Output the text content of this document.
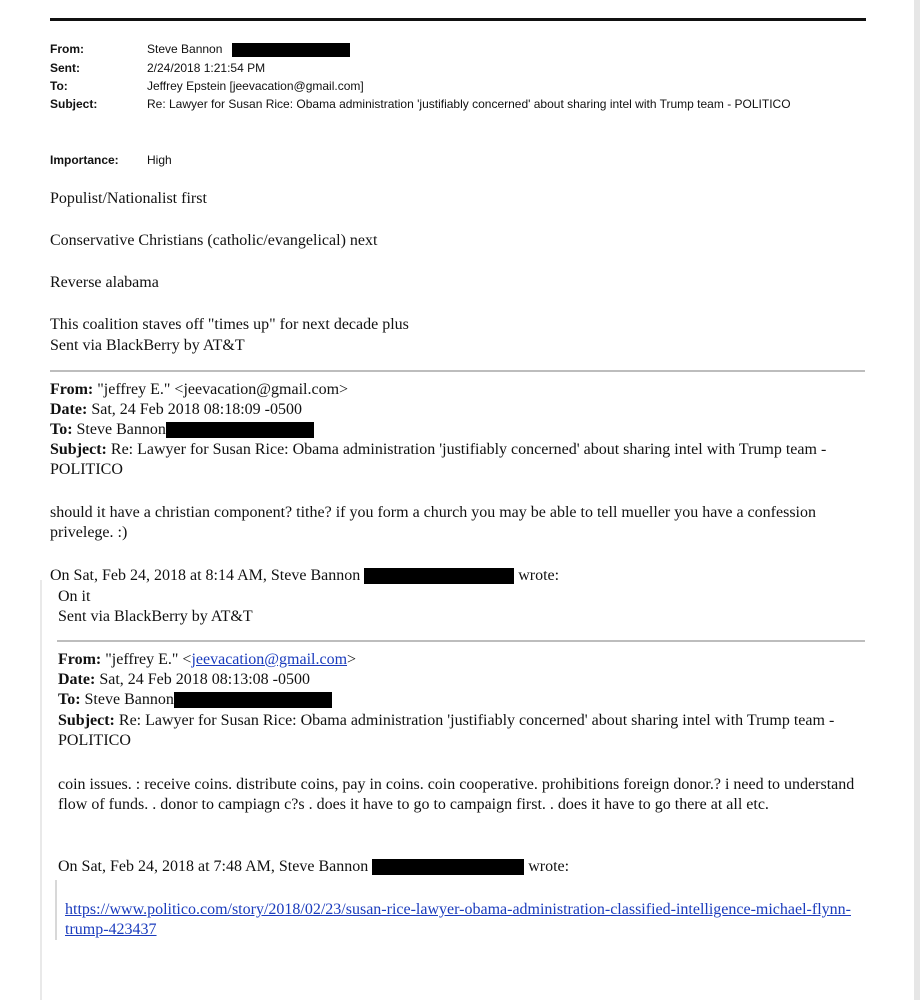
From:	Steve Bannon
Sent:	2/24/2018 1:21:54 PM
To:	Jeffrey Epstein [jeevacation@gmail.com]
Subject:	Re: Lawyer for Susan Rice: Obama administration 'justifiably concerned' about sharing intel with Trump team - POLITICO
Importance: High
Populist/Nationalist first
Conservative Christians (catholic/evangelical) next
Reverse alabama
This coalition staves off "times up" for next decade plus
Sent via BlackBerry by AT&T
From: "jeffrey E." <jeevacation@gmail.com>
Date: Sat, 24 Feb 2018 08:18:09 -0500
To: Steve Bannon
Subject: Re: Lawyer for Susan Rice: Obama administration 'justifiably concerned' about sharing intel with Trump team - POLITICO
should it have a christian component? tithe? if you form a church you may be able to tell mueller you have a confession privelege. :)
On Sat, Feb 24, 2018 at 8:14 AM, Steve Bannon	wrote:
On it
Sent via BlackBerry by AT&T
From: "jeffrey E." <jeevacation@gmail.com>
Date: Sat, 24 Feb 2018 08:13:08 -0500
To: Steve Bannon
Subject: Re: Lawyer for Susan Rice: Obama administration 'justifiably concerned' about sharing intel with Trump team - POLITICO
coin issues. : receive coins. distribute coins, pay in coins. coin cooperative. prohibitions foreign donor.? i need to understand flow of funds. . donor to campiagn c?s . does it have to go to campaign first. . does it have to go there at all etc.
On Sat, Feb 24, 2018 at 7:48 AM, Steve Bannon	wrote:
https://www.politico.com/story/2018/02/23/susan-rice-lawyer-obama-administration-classified-intelligence-michael-flynn-trump-423437
